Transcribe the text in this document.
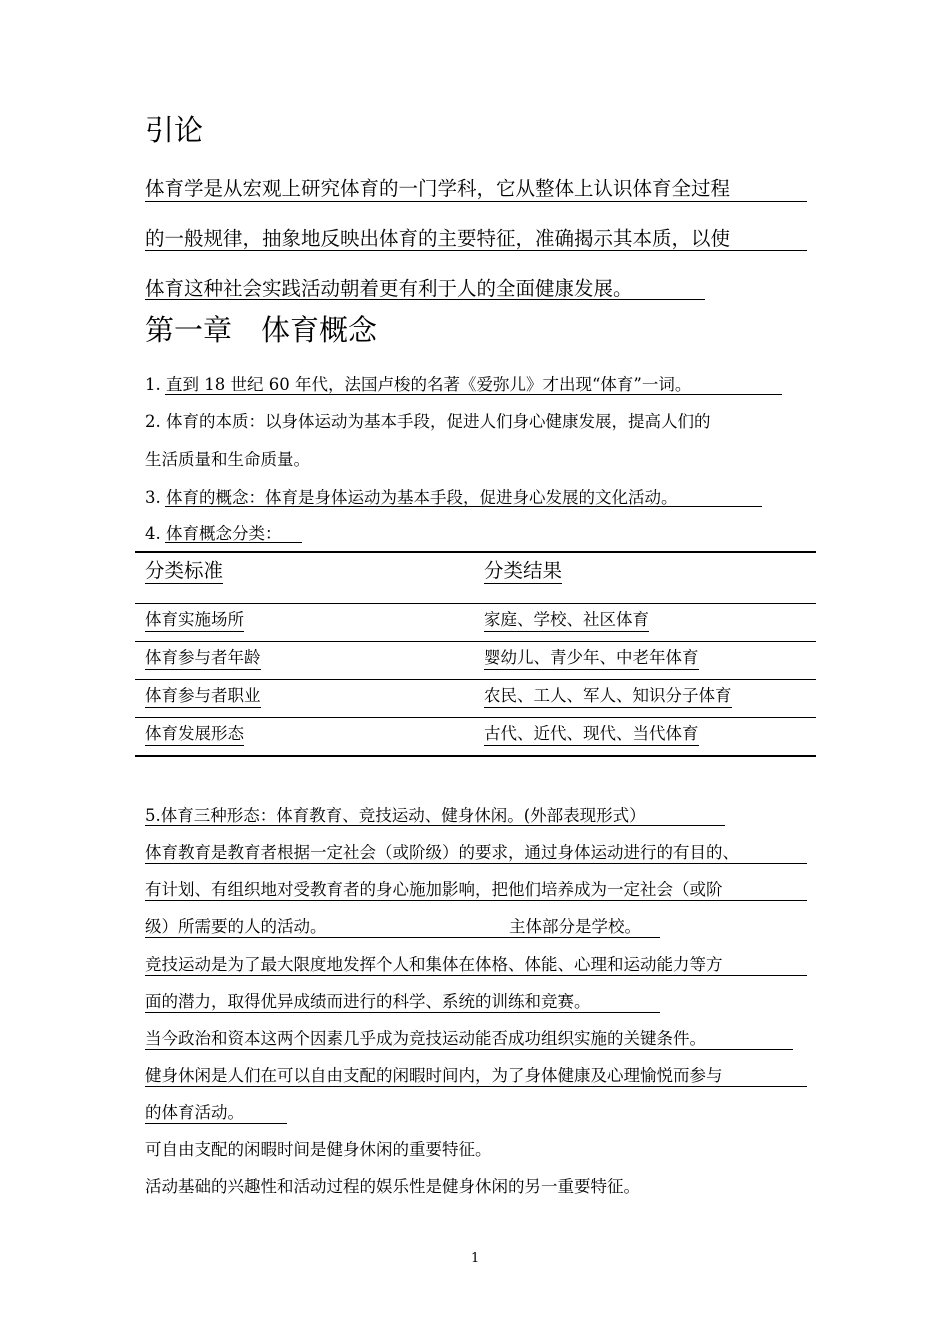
引论
体育学是从宏观上研究体育的一门学科，它从整体上认识体育全过程
的一般规律，抽象地反映出体育的主要特征，准确揭示其本质，以使
体育这种社会实践活动朝着更有利于人的全面健康发展。
第一章　体育概念
1. 直到 18 世纪 60 年代，法国卢梭的名著《爱弥儿》才出现“体育”一词。
2. 体育的本质：以身体运动为基本手段，促进人们身心健康发展，提高人们的
生活质量和生命质量。
3. 体育的概念：体育是身体运动为基本手段，促进身心发展的文化活动。
4. 体育概念分类：
分类标准	分类结果
体育实施场所	家庭、学校、社区体育
体育参与者年龄	婴幼儿、青少年、中老年体育
体育参与者职业	农民、工人、军人、知识分子体育
体育发展形态	古代、近代、现代、当代体育
5.体育三种形态：体育教育、竞技运动、健身休闲。(外部表现形式）
体育教育是教育者根据一定社会（或阶级）的要求，通过身体运动进行的有目的、
有计划、有组织地对受教育者的身心施加影响，把他们培养成为一定社会（或阶
级）所需要的人的活动。	主体部分是学校。
竞技运动是为了最大限度地发挥个人和集体在体格、体能、心理和运动能力等方
面的潜力，取得优异成绩而进行的科学、系统的训练和竞赛。
当今政治和资本这两个因素几乎成为竞技运动能否成功组织实施的关键条件。
健身休闲是人们在可以自由支配的闲暇时间内，为了身体健康及心理愉悦而参与
的体育活动。
可自由支配的闲暇时间是健身休闲的重要特征。
活动基础的兴趣性和活动过程的娱乐性是健身休闲的另一重要特征。
1
